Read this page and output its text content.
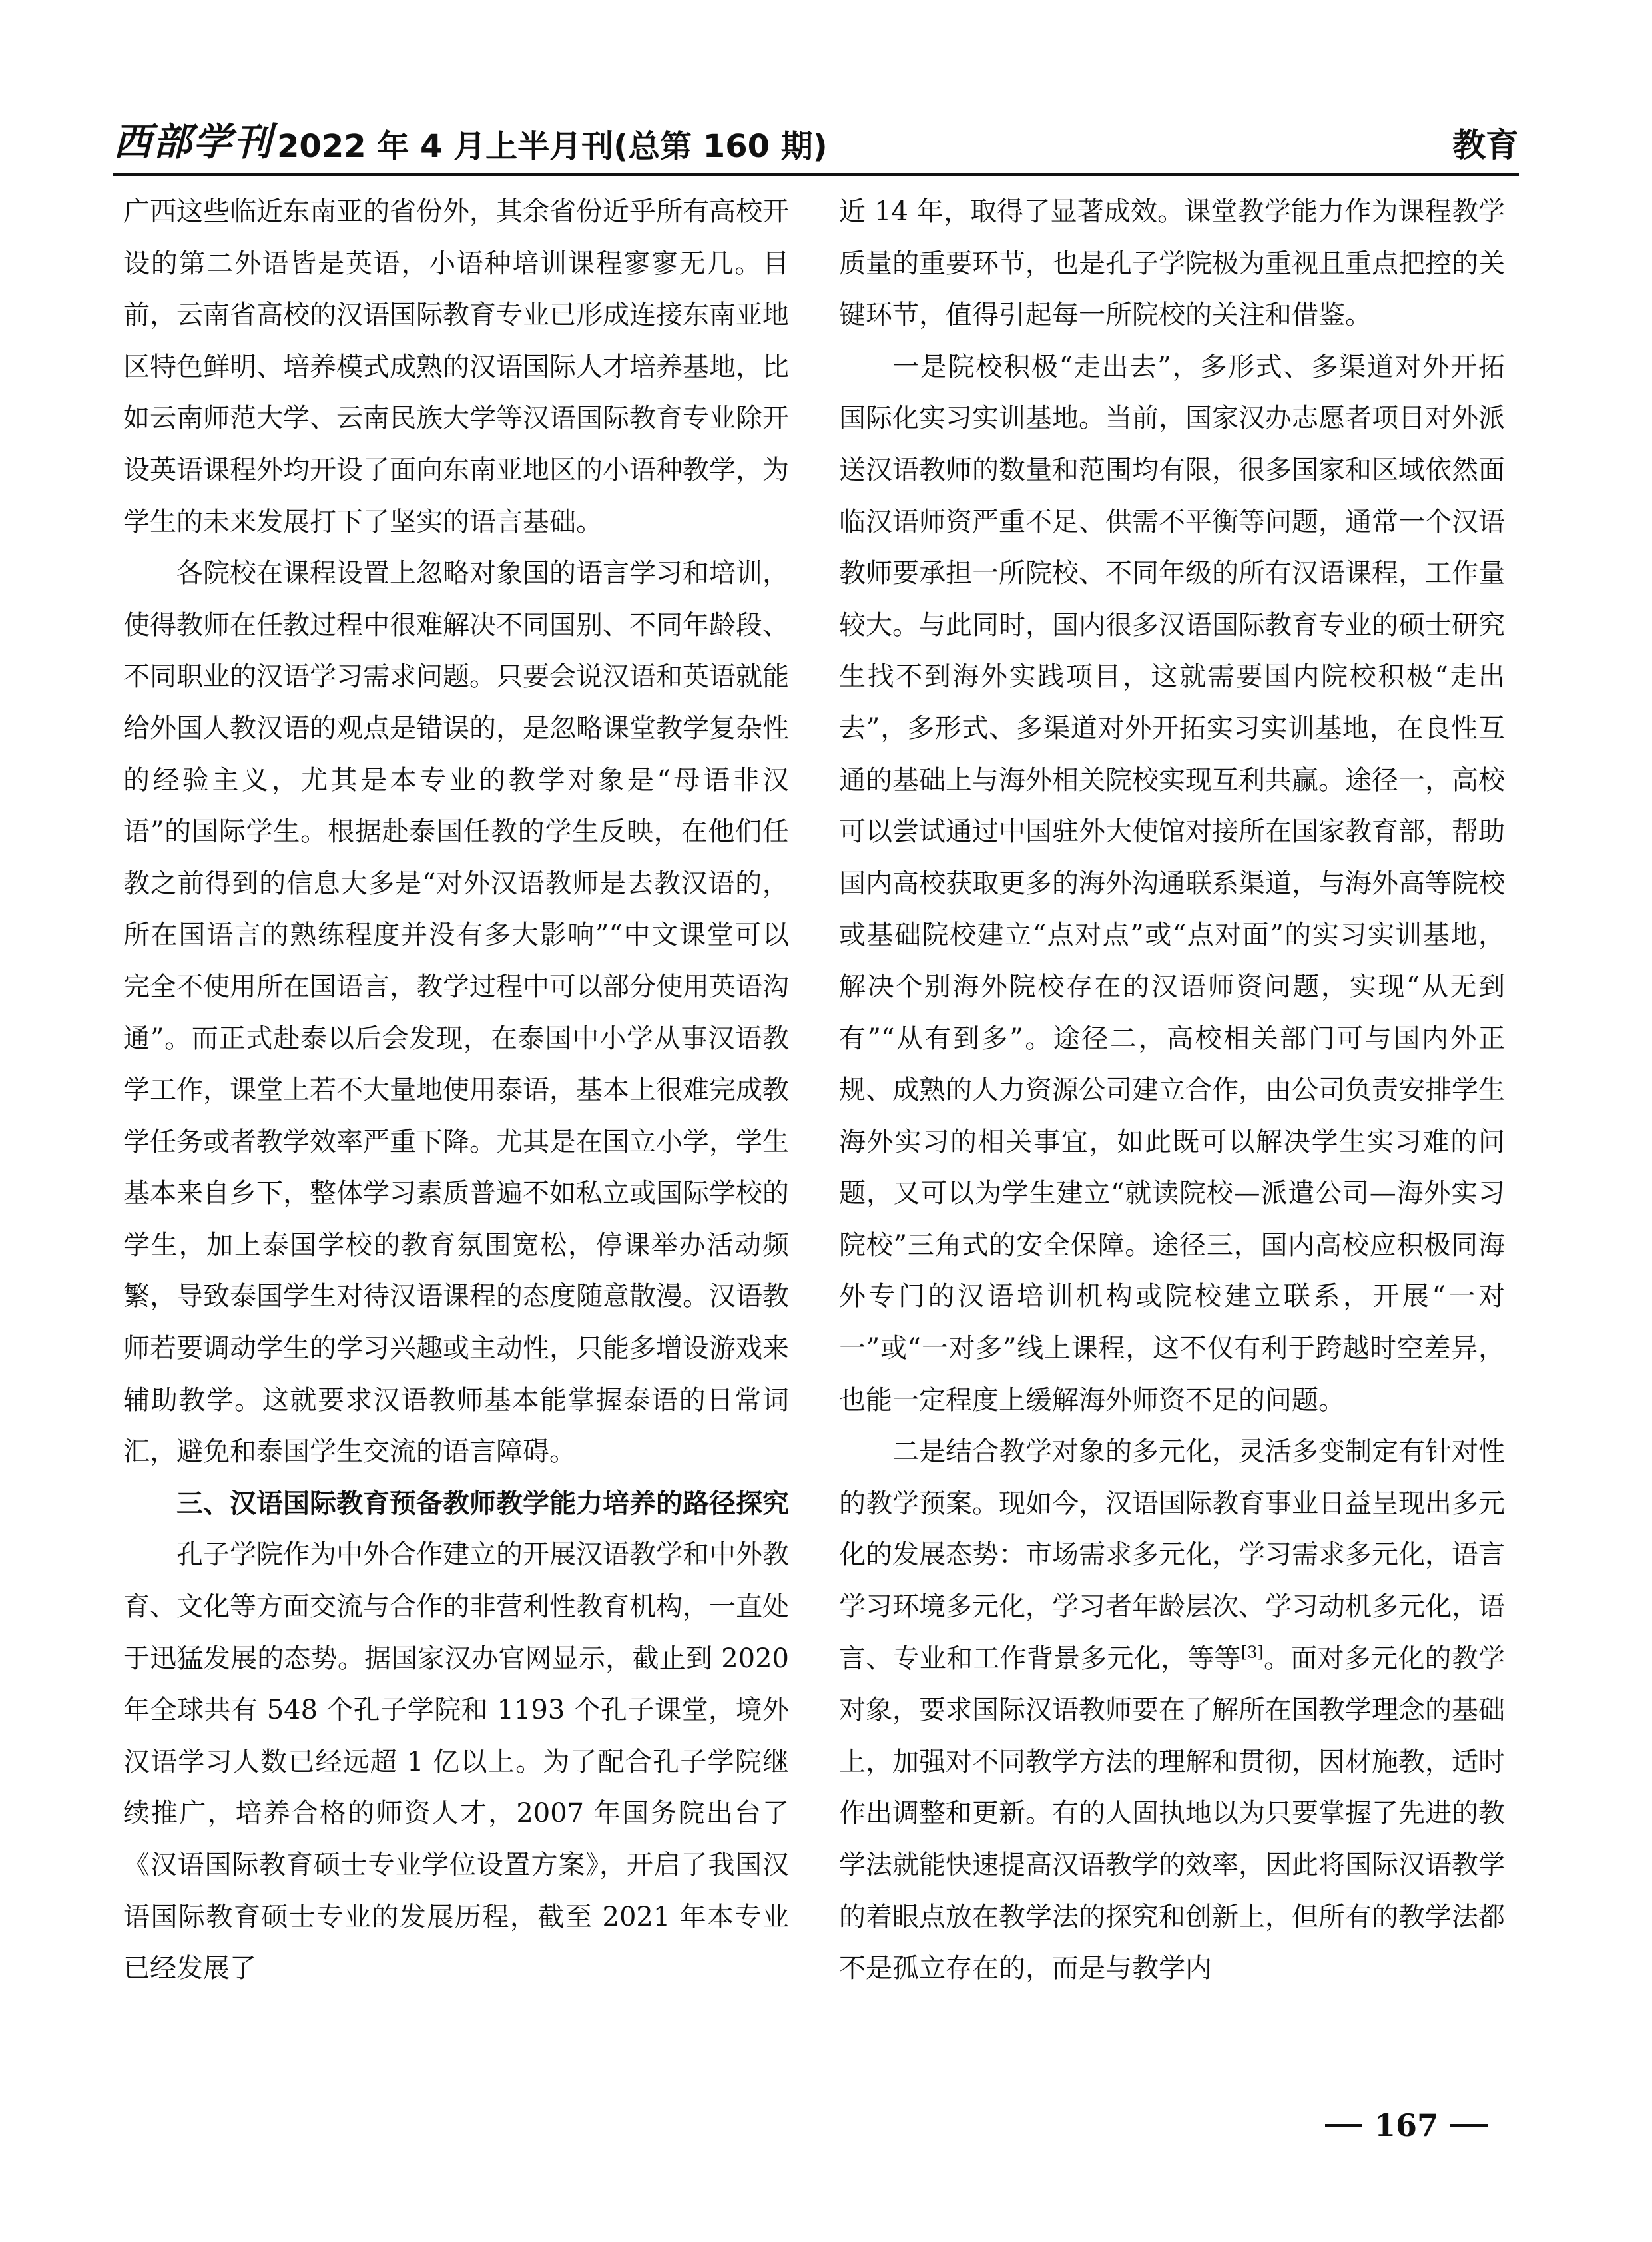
西部学刊 2022 年 4 月上半月刊(总第 160 期)	教育

广西这些临近东南亚的省份外，其余省份近乎所有高校开设的第二外语皆是英语，小语种培训课程寥寥无几。目前，云南省高校的汉语国际教育专业已形成连接东南亚地区特色鲜明、培养模式成熟的汉语国际人才培养基地，比如云南师范大学、云南民族大学等汉语国际教育专业除开设英语课程外均开设了面向东南亚地区的小语种教学，为学生的未来发展打下了坚实的语言基础。

各院校在课程设置上忽略对象国的语言学习和培训，使得教师在任教过程中很难解决不同国别、不同年龄段、不同职业的汉语学习需求问题。只要会说汉语和英语就能给外国人教汉语的观点是错误的，是忽略课堂教学复杂性的经验主义，尤其是本专业的教学对象是“母语非汉语”的国际学生。根据赴泰国任教的学生反映，在他们任教之前得到的信息大多是“对外汉语教师是去教汉语的，所在国语言的熟练程度并没有多大影响”“中文课堂可以完全不使用所在国语言，教学过程中可以部分使用英语沟通”。而正式赴泰以后会发现，在泰国中小学从事汉语教学工作，课堂上若不大量地使用泰语，基本上很难完成教学任务或者教学效率严重下降。尤其是在国立小学，学生基本来自乡下，整体学习素质普遍不如私立或国际学校的学生，加上泰国学校的教育氛围宽松，停课举办活动频繁，导致泰国学生对待汉语课程的态度随意散漫。汉语教师若要调动学生的学习兴趣或主动性，只能多增设游戏来辅助教学。这就要求汉语教师基本能掌握泰语的日常词汇，避免和泰国学生交流的语言障碍。

三、汉语国际教育预备教师教学能力培养的路径探究

孔子学院作为中外合作建立的开展汉语教学和中外教育、文化等方面交流与合作的非营利性教育机构，一直处于迅猛发展的态势。据国家汉办官网显示，截止到 2020 年全球共有 548 个孔子学院和 1193 个孔子课堂，境外汉语学习人数已经远超 1 亿以上。为了配合孔子学院继续推广，培养合格的师资人才，2007 年国务院出台了《汉语国际教育硕士专业学位设置方案》，开启了我国汉语国际教育硕士专业的发展历程，截至 2021 年本专业已经发展了

近 14 年，取得了显著成效。课堂教学能力作为课程教学质量的重要环节，也是孔子学院极为重视且重点把控的关键环节，值得引起每一所院校的关注和借鉴。

一是院校积极“走出去”，多形式、多渠道对外开拓国际化实习实训基地。当前，国家汉办志愿者项目对外派送汉语教师的数量和范围均有限，很多国家和区域依然面临汉语师资严重不足、供需不平衡等问题，通常一个汉语教师要承担一所院校、不同年级的所有汉语课程，工作量较大。与此同时，国内很多汉语国际教育专业的硕士研究生找不到海外实践项目，这就需要国内院校积极“走出去”，多形式、多渠道对外开拓实习实训基地，在良性互通的基础上与海外相关院校实现互利共赢。途径一，高校可以尝试通过中国驻外大使馆对接所在国家教育部，帮助国内高校获取更多的海外沟通联系渠道，与海外高等院校或基础院校建立“点对点”或“点对面”的实习实训基地，解决个别海外院校存在的汉语师资问题，实现“从无到有”“从有到多”。途径二，高校相关部门可与国内外正规、成熟的人力资源公司建立合作，由公司负责安排学生海外实习的相关事宜，如此既可以解决学生实习难的问题，又可以为学生建立“就读院校—派遣公司—海外实习院校”三角式的安全保障。途径三，国内高校应积极同海外专门的汉语培训机构或院校建立联系，开展“一对一”或“一对多”线上课程，这不仅有利于跨越时空差异，也能一定程度上缓解海外师资不足的问题。

二是结合教学对象的多元化，灵活多变制定有针对性的教学预案。现如今，汉语国际教育事业日益呈现出多元化的发展态势：市场需求多元化，学习需求多元化，语言学习环境多元化，学习者年龄层次、学习动机多元化，语言、专业和工作背景多元化，等等[3]。面对多元化的教学对象，要求国际汉语教师要在了解所在国教学理念的基础上，加强对不同教学方法的理解和贯彻，因材施教，适时作出调整和更新。有的人固执地以为只要掌握了先进的教学法就能快速提高汉语教学的效率，因此将国际汉语教学的着眼点放在教学法的探究和创新上，但所有的教学法都不是孤立存在的，而是与教学内

167
